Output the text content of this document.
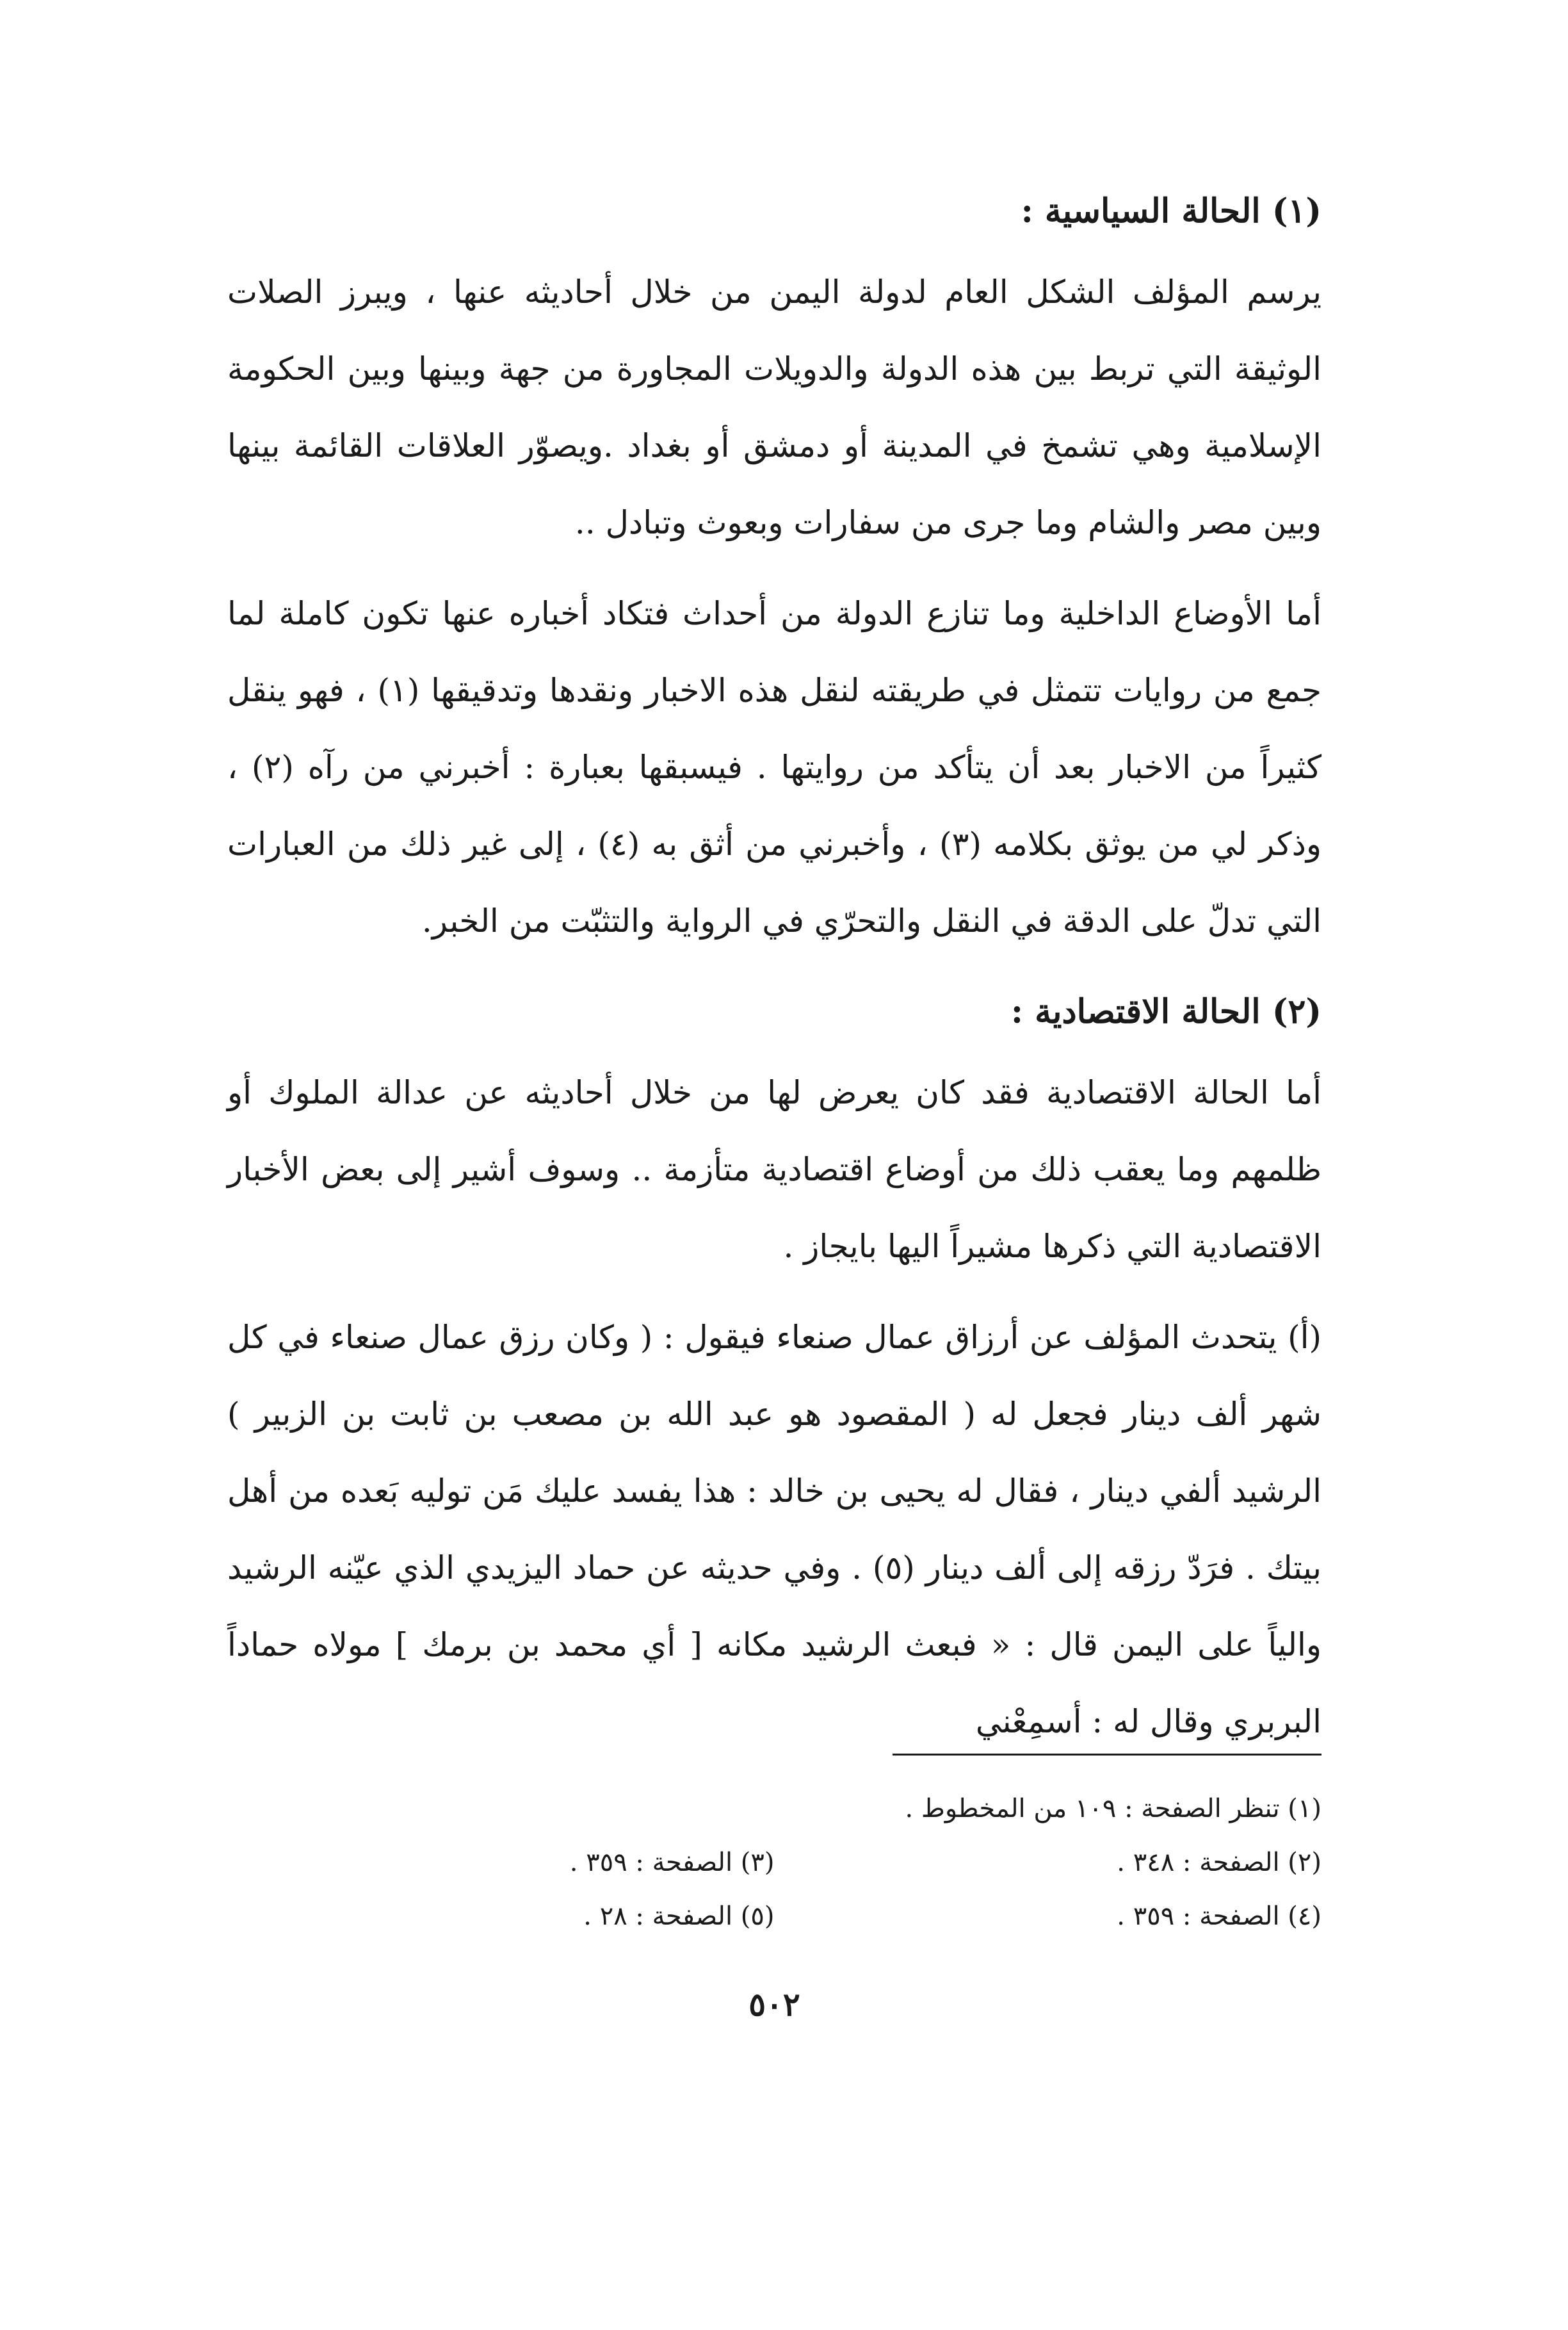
(١) الحالة السياسية :

يرسم المؤلف الشكل العام لدولة اليمن من خلال أحاديثه عنها ، ويبرز الصلات الوثيقة التي تربط بين هذه الدولة والدويلات المجاورة من جهة وبينها وبين الحكومة الإسلامية وهي تشمخ في المدينة أو دمشق أو بغداد .ويصوّر العلاقات القائمة بينها وبين مصر والشام وما جرى من سفارات وبعوث وتبادل ..

أما الأوضاع الداخلية وما تنازع الدولة من أحداث فتكاد أخباره عنها تكون كاملة لما جمع من روايات تتمثل في طريقته لنقل هذه الاخبار ونقدها وتدقيقها (١) ، فهو ينقل كثيراً من الاخبار بعد أن يتأكد من روايتها . فيسبقها بعبارة : أخبرني من رآه (٢) ، وذكر لي من يوثق بكلامه (٣) ، وأخبرني من أثق به (٤) ، إلى غير ذلك من العبارات التي تدلّ على الدقة في النقل والتحرّي في الرواية والتثبّت من الخبر.

(٢) الحالة الاقتصادية :

أما الحالة الاقتصادية فقد كان يعرض لها من خلال أحاديثه عن عدالة الملوك أو ظلمهم وما يعقب ذلك من أوضاع اقتصادية متأزمة .. وسوف أشير إلى بعض الأخبار الاقتصادية التي ذكرها مشيراً اليها بايجاز .

(أ) يتحدث المؤلف عن أرزاق عمال صنعاء فيقول : ( وكان رزق عمال صنعاء في كل شهر ألف دينار فجعل له ( المقصود هو عبد الله بن مصعب بن ثابت بن الزبير ) الرشيد ألفي دينار ، فقال له يحيى بن خالد : هذا يفسد عليك مَن توليه بَعده من أهل بيتك . فرَدّ رزقه إلى ألف دينار (٥) . وفي حديثه عن حماد اليزيدي الذي عيّنه الرشيد والياً على اليمن قال : « فبعث الرشيد مكانه [ أي محمد بن برمك ] مولاه حماداً البربري وقال له : أسمِعْني

(١) تنظر الصفحة : ١٠٩ من المخطوط .
(٢) الصفحة : ٣٤٨ .
(٣) الصفحة : ٣٥٩ .
(٤) الصفحة : ٣٥٩ .
(٥) الصفحة : ٢٨ .
٥٠٢
